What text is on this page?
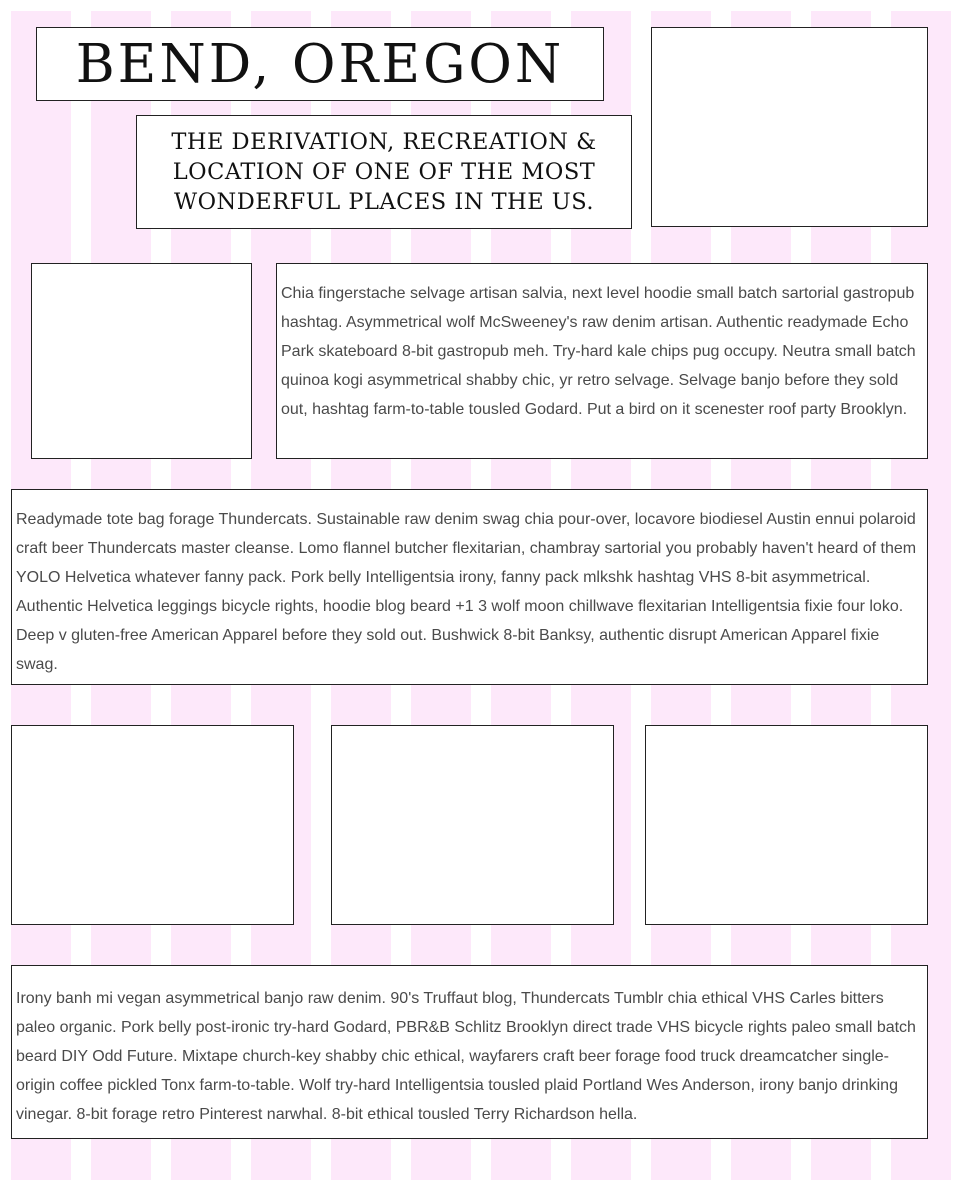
BEND, OREGON
THE DERIVATION, RECREATION &
LOCATION OF ONE OF THE MOST
WONDERFUL PLACES IN THE US.

Chia fingerstache selvage artisan salvia, next level hoodie small batch sartorial gastropub hashtag. Asymmetrical wolf McSweeney's raw denim artisan. Authentic readymade Echo Park skateboard 8-bit gastropub meh. Try-hard kale chips pug occupy. Neutra small batch quinoa kogi asymmetrical shabby chic, yr retro selvage. Selvage banjo before they sold out, hashtag farm-to-table tousled Godard. Put a bird on it scenester roof party Brooklyn.

Readymade tote bag forage Thundercats. Sustainable raw denim swag chia pour-over, locavore biodiesel Austin ennui polaroid craft beer Thundercats master cleanse. Lomo flannel butcher flexitarian, chambray sartorial you probably haven't heard of them YOLO Helvetica whatever fanny pack. Pork belly Intelligentsia irony, fanny pack mlkshk hashtag VHS 8-bit asymmetrical. Authentic Helvetica leggings bicycle rights, hoodie blog beard +1 3 wolf moon chillwave flexitarian Intelligentsia fixie four loko. Deep v gluten-free American Apparel before they sold out. Bushwick 8-bit Banksy, authentic disrupt American Apparel fixie swag.

Irony banh mi vegan asymmetrical banjo raw denim. 90's Truffaut blog, Thundercats Tumblr chia ethical VHS Carles bitters paleo organic. Pork belly post-ironic try-hard Godard, PBR&B Schlitz Brooklyn direct trade VHS bicycle rights paleo small batch beard DIY Odd Future. Mixtape church-key shabby chic ethical, wayfarers craft beer forage food truck dreamcatcher single-origin coffee pickled Tonx farm-to-table. Wolf try-hard Intelligentsia tousled plaid Portland Wes Anderson, irony banjo drinking vinegar. 8-bit forage retro Pinterest narwhal. 8-bit ethical tousled Terry Richardson hella.
